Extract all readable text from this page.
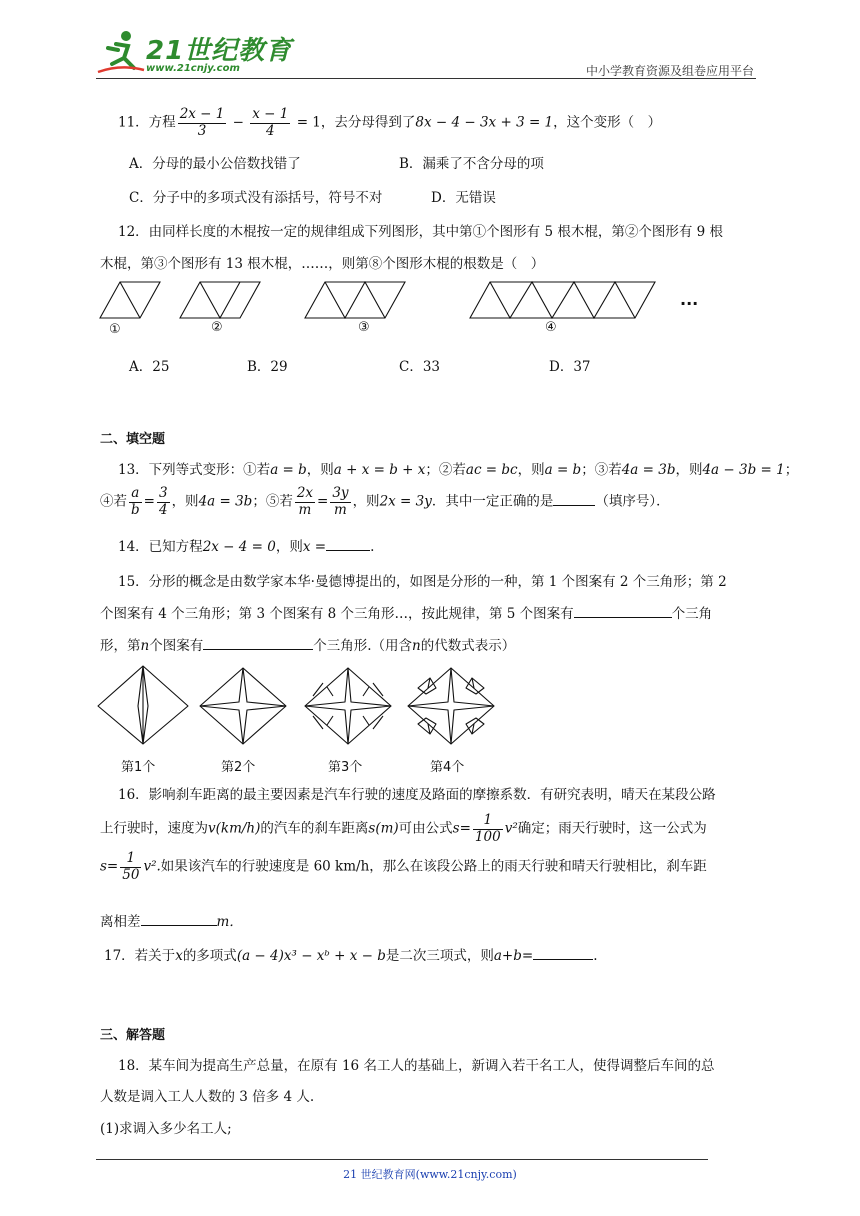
21世纪教育
www.21cnjy.com	中小学教育资源及组卷应用平台
11．方程 $\frac{2x - 1}{3} - \frac{x - 1}{4} = 1$，去分母得到了8x − 4 − 3x + 3 = 1，这个变形（　）
A．分母的最小公倍数找错了	B．漏乘了不含分母的项
C．分子中的多项式没有添括号，符号不对	D．无错误
12．由同样长度的木棍按一定的规律组成下列图形，其中第①个图形有 5 根木棍，第②个图形有 9 根
木棍，第③个图形有 13 根木棍，……，则第⑧个图形木棍的根数是（　）
①	②	③	④
···
A．25	B．29	C．33	D．37
二、填空题
13．下列等式变形：①若a = b，则a + x = b + x；②若ac = bc，则a = b；③若4a = 3b，则4a − 3b = 1；
④若 $\frac{a}{b} = \frac{3}{4}$ ，则4a = 3b；⑤若 $\frac{2x}{m} = \frac{3y}{m}$ ，则2x = 3y．其中一定正确的是	（填序号）．
14．已知方程2x − 4 = 0，则x =	.
15．分形的概念是由数学家本华·曼德博提出的，如图是分形的一种，第 1 个图案有 2 个三角形；第 2
个图案有 4 个三角形；第 3 个图案有 8 个三角形…，按此规律，第 5 个图案有	个三角
形，第n个图案有	个三角形.（用含n的代数式表示）
第1个	第2个	第3个	第4个
16．影响刹车距离的最主要因素是汽车行驶的速度及路面的摩擦系数．有研究表明，晴天在某段公路
上行驶时，速度为v(km/h)的汽车的刹车距离s(m)可由公式$s= \frac{1}{100} v^2$确定；雨天行驶时，这一公式为
$s= \frac{1}{50} v^2$.如果该汽车的行驶速度是 60 km/h，那么在该段公路上的雨天行驶和晴天行驶相比，刹车距
离相差	m．
17．若关于x的多项式(a − 4)x³ − xᵇ + x − b是二次三项式，则a+b=	.
三、解答题
18．某车间为提高生产总量，在原有 16 名工人的基础上，新调入若干名工人，使得调整后车间的总
人数是调入工人人数的 3 倍多 4 人.
(1)求调入多少名工人;
21 世纪教育网(www.21cnjy.com)
